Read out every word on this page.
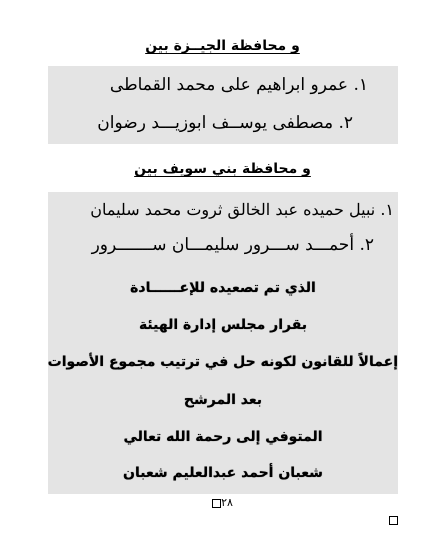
و محافظة الجيــزة بين
١. عمرو ابراهيم على محمد القماطى
٢. مصطفى يوســف ابوزيـــد رضوان
و محافظة بني سويف بين
١. نبيل حميده عبد الخالق ثروت محمد سليمان
٢. أحمـــد ســـرور سليمـــان ســـــــرور
الذي تم تصعيده للإعــــــادة
بقرار مجلس إدارة الهيئة
إعمالاً للقانون لكونه حل في ترتيب مجموع الأصوات
بعد المرشح
المتوفي إلى رحمة الله تعالي
شعبان أحمد عبدالعليم شعبان
٢٨
